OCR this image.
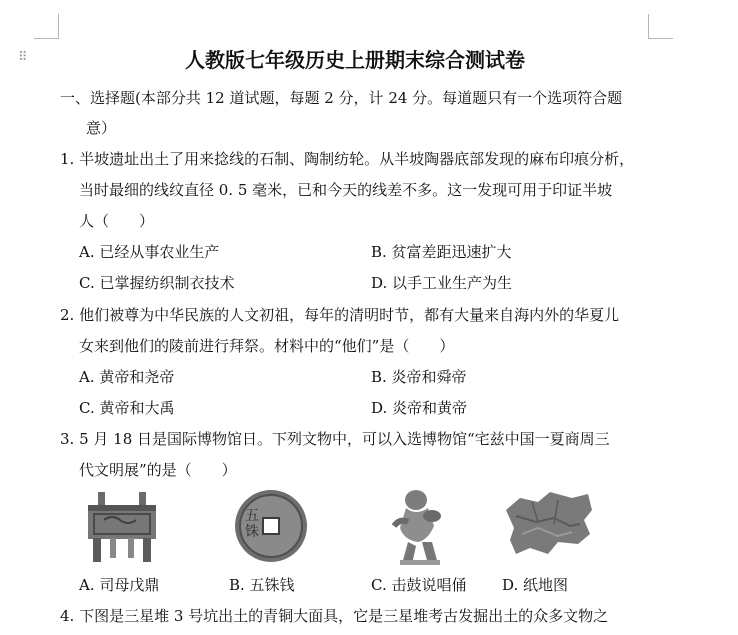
⠿	人教版七年级历史上册期末综合测试卷
一、选择题(本部分共 12 道试题，每题 2 分，计 24 分。每道题只有一个选项符合题
意）
1. 半坡遗址出土了用来捻线的石制、陶制纺轮。从半坡陶器底部发现的麻布印痕分析，
当时最细的线纹直径 0. 5 毫米，已和今天的线差不多。这一发现可用于印证半坡
人（　　）
A. 已经从事农业生产	B. 贫富差距迅速扩大
C. 已掌握纺织制衣技术	D. 以手工业生产为生
2. 他们被尊为中华民族的人文初祖，每年的清明时节，都有大量来自海内外的华夏儿
女来到他们的陵前进行拜祭。材料中的“他们”是（　　）
A. 黄帝和尧帝	B. 炎帝和舜帝
C. 黄帝和大禹	D. 炎帝和黄帝
3. 5 月 18 日是国际博物馆日。下列文物中，可以入选博物馆“宅兹中国一夏商周三
代文明展”的是（　　）
五铢
A. 司母戊鼎	B. 五铢钱	C. 击鼓说唱俑 D. 纸地图
4. 下图是三星堆 3 号坑出土的青铜大面具，它是三星堆考古发掘出土的众多文物之
